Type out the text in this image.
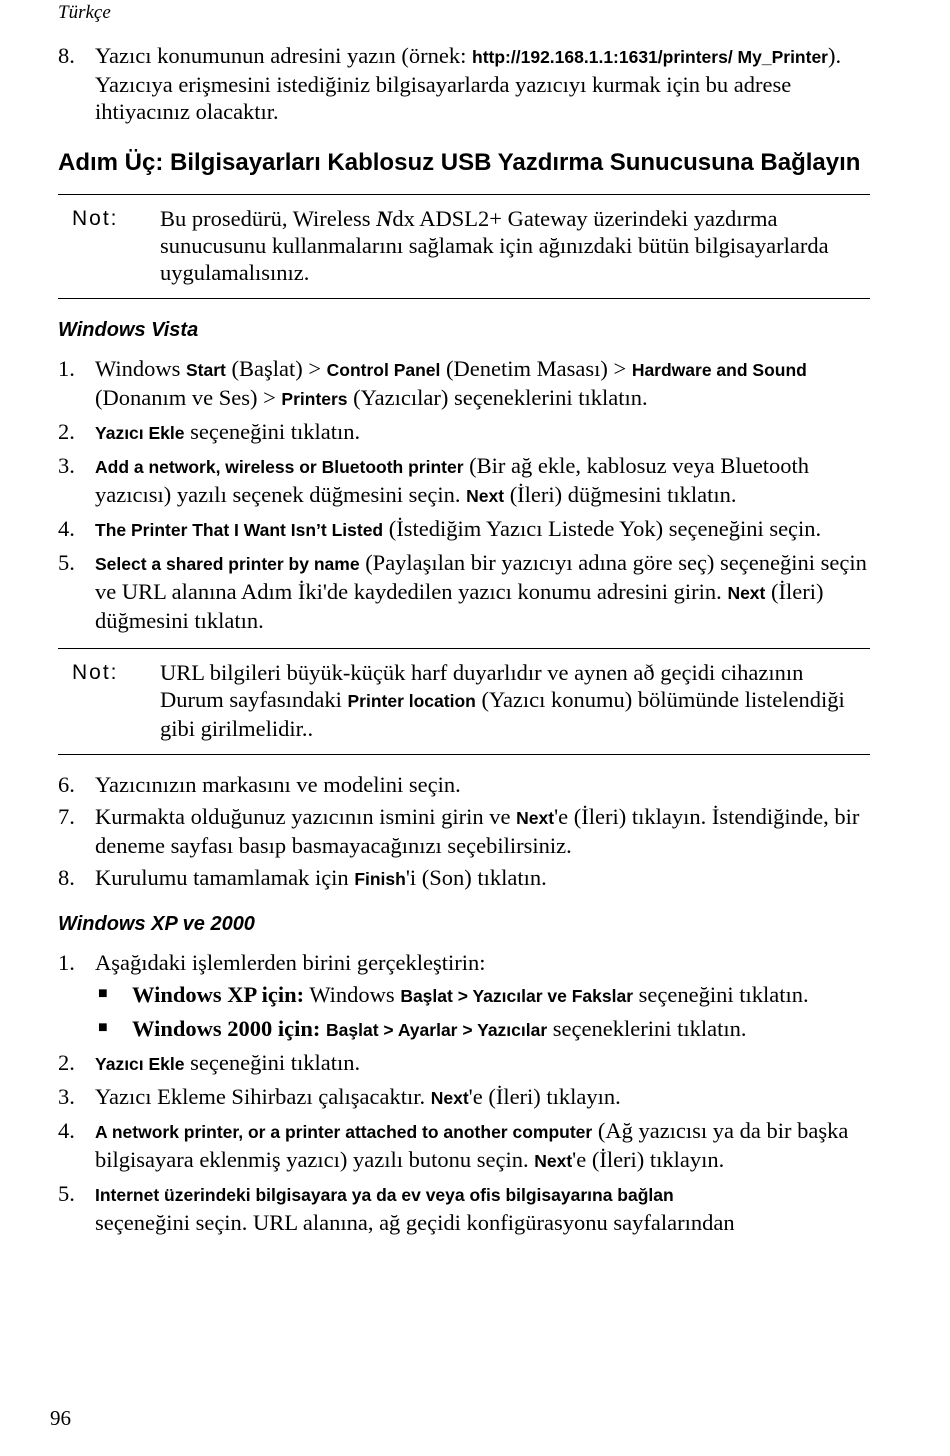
Türkçe
8. Yazıcı konumunun adresini yazın (örnek: http://192.168.1.1:1631/printers/ My_Printer). Yazıcıya erişmesini istediğiniz bilgisayarlarda yazıcıyı kurmak için bu adrese ihtiyacınız olacaktır.
Adım Üç: Bilgisayarları Kablosuz USB Yazdırma Sunucusuna Bağlayın
Not:	Bu prosedürü, Wireless Ndx ADSL2+ Gateway üzerindeki yazdırma sunucusunu kullanmalarını sağlamak için ağınızdaki bütün bilgisayarlarda uygulamalısınız.
Windows Vista
1. Windows Start (Başlat) > Control Panel (Denetim Masası) > Hardware and Sound (Donanım ve Ses) > Printers (Yazıcılar) seçeneklerini tıklatın.
2.	Yazıcı Ekle seçeneğini tıklatın.
3.	Add a network, wireless or Bluetooth printer (Bir ağ ekle, kablosuz veya Bluetooth yazıcısı) yazılı seçenek düğmesini seçin. Next (İleri) düğmesini tıklatın.
4.	The Printer That I Want Isn’t Listed (İstediğim Yazıcı Listede Yok) seçeneğini seçin.
5.	Select a shared printer by name (Paylaşılan bir yazıcıyı adına göre seç) seçeneğini seçin ve URL alanına Adım İki'de kaydedilen yazıcı konumu adresini girin. Next (İleri) düğmesini tıklatın.
Not:	URL bilgileri büyük-küçük harf duyarlıdır ve aynen að geçidi cihazının Durum sayfasındaki Printer location (Yazıcı konumu) bölümünde listelendiği gibi girilmelidir..
6. Yazıcınızın markasını ve modelini seçin.
7. Kurmakta olduğunuz yazıcının ismini girin ve Next'e (İleri) tıklayın. İstendiğinde, bir deneme sayfası basıp basmayacağınızı seçebilirsiniz.
8. Kurulumu tamamlamak için Finish'i (Son) tıklatın.
Windows XP ve 2000
1. Aşağıdaki işlemlerden birini gerçekleştirin:
■ Windows XP için: Windows Başlat > Yazıcılar ve Fakslar seçeneğini tıklatın.
■ Windows 2000 için: Başlat > Ayarlar > Yazıcılar seçeneklerini tıklatın.
2.	Yazıcı Ekle seçeneğini tıklatın.
3. Yazıcı Ekleme Sihirbazı çalışacaktır. Next'e (İleri) tıklayın.
4.	A network printer, or a printer attached to another computer (Ağ yazıcısı ya da bir başka bilgisayara eklenmiş yazıcı) yazılı butonu seçin. Next'e (İleri) tıklayın.
5.	Internet üzerindeki bilgisayara ya da ev veya ofis bilgisayarına bağlan
seçeneğini seçin. URL alanına, ağ geçidi konfigürasyonu sayfalarından
96
